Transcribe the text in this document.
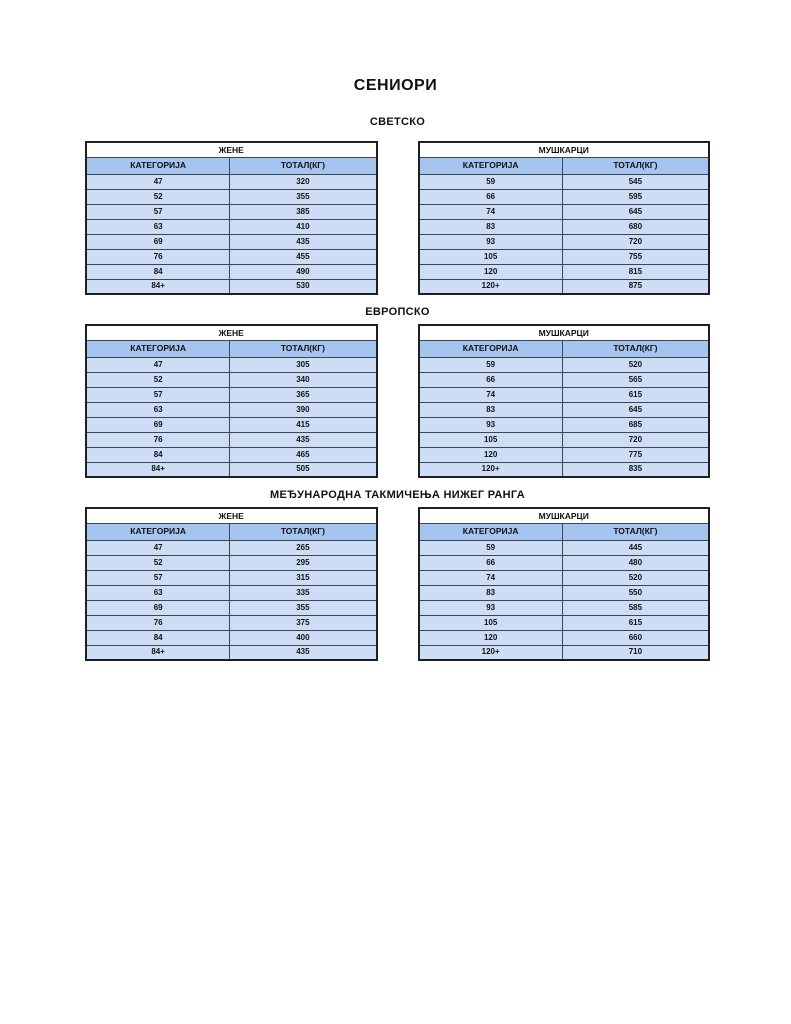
СЕНИОРИ
СВЕТСКО
ЖЕНЕ	
КАТЕГОРИЈА	ТОТАЛ(КГ)
47	320
52	355
57	385
63	410
69	435
76	455
84	490
84+	530
МУШКАРЦИ	
КАТЕГОРИЈА	ТОТАЛ(КГ)
59	545
66	595
74	645
83	680
93	720
105	755
120	815
120+	875
ЕВРОПСКО
ЖЕНЕ	
КАТЕГОРИЈА	ТОТАЛ(КГ)
47	305
52	340
57	365
63	390
69	415
76	435
84	465
84+	505
МУШКАРЦИ	
КАТЕГОРИЈА	ТОТАЛ(КГ)
59	520
66	565
74	615
83	645
93	685
105	720
120	775
120+	835
МЕЂУНАРОДНА ТАКМИЧЕЊА НИЖЕГ РАНГА
ЖЕНЕ	
КАТЕГОРИЈА	ТОТАЛ(КГ)
47	265
52	295
57	315
63	335
69	355
76	375
84	400
84+	435
МУШКАРЦИ	
КАТЕГОРИЈА	ТОТАЛ(КГ)
59	445
66	480
74	520
83	550
93	585
105	615
120	660
120+	710
